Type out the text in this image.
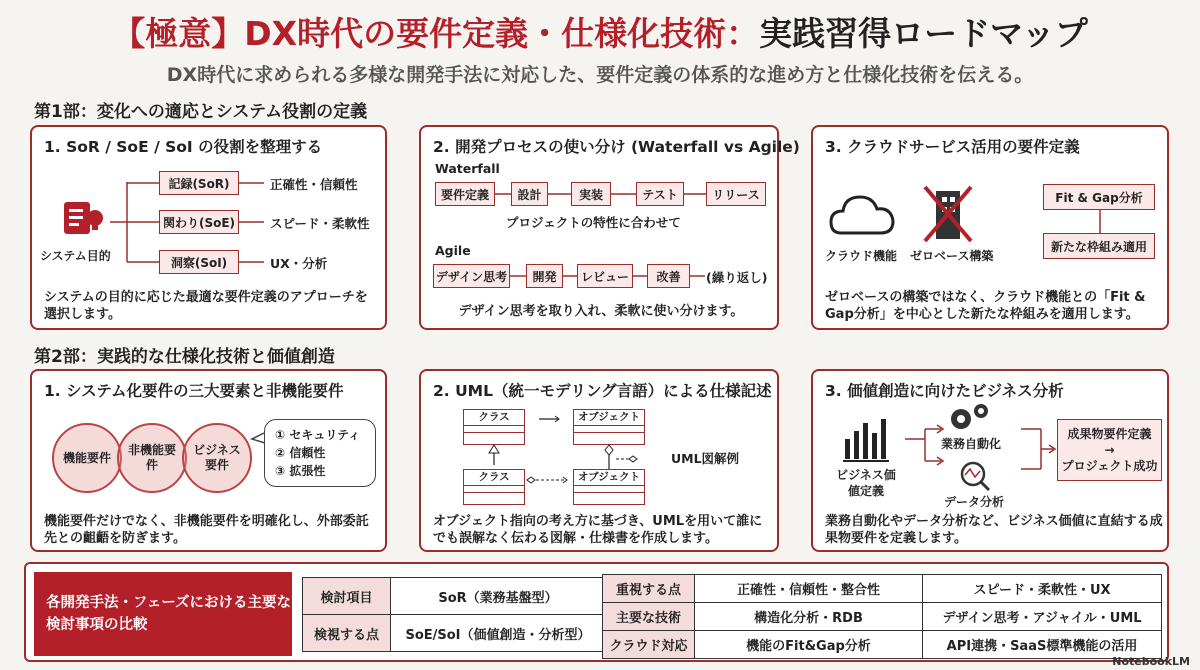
【極意】DX時代の要件定義・仕様化技術：実践習得ロードマップ
DX時代に求められる多様な開発手法に対応した、要件定義の体系的な進め方と仕様化技術を伝える。
第1部：変化への適応とシステム役割の定義
1. SoR / SoE / SoI の役割を整理する
システム目的
記録(SoR)
関わり(SoE)
洞察(SoI)
正確性・信頼性
スピード・柔軟性
UX・分析
システムの目的に応じた最適な要件定義のアプローチを選択します。
2. 開発プロセスの使い分け (Waterfall vs Agile)
Waterfall
要件定義	設計	実装	テスト	リリース
プロジェクトの特性に合わせて
Agile
デザイン思考	開発	レビュー	改善	(繰り返し)
デザイン思考を取り入れ、柔軟に使い分けます。
3. クラウドサービス活用の要件定義
クラウド機能 ゼロベース構築
Fit & Gap分析
新たな枠組み適用
ゼロベースの構築ではなく、クラウド機能との「Fit & Gap分析」を中心とした新たな枠組みを適用します。
第2部：実践的な仕様化技術と価値創造
1. システム化要件の三大要素と非機能要件
機能要件
非機能要件
ビジネス要件
① セキュリティ
② 信頼性
③ 拡張性
機能要件だけでなく、非機能要件を明確化し、外部委託先との齟齬を防ぎます。
2. UML（統一モデリング言語）による仕様記述
クラス	オブジェクト
クラス	オブジェクト
UML図解例
オブジェクト指向の考え方に基づき、UMLを用いて誰にでも誤解なく伝わる図解・仕様書を作成します。
3. 価値創造に向けたビジネス分析
ビジネス価値定義
業務自動化
データ分析
成果物要件定義
→
プロジェクト成功
業務自動化やデータ分析など、ビジネス価値に直結する成果物要件を定義します。
各開発手法・フェーズにおける主要な検討事項の比較
検討項目	SoR（業務基盤型）
検視する点	SoE/SoI（価値創造・分析型）
重視する点	正確性・信頼性・整合性	スピード・柔軟性・UX
主要な技術	構造化分析・RDB	デザイン思考・アジャイル・UML
クラウド対応	機能のFit&Gap分析	API連携・SaaS標準機能の活用
NotebookLM
